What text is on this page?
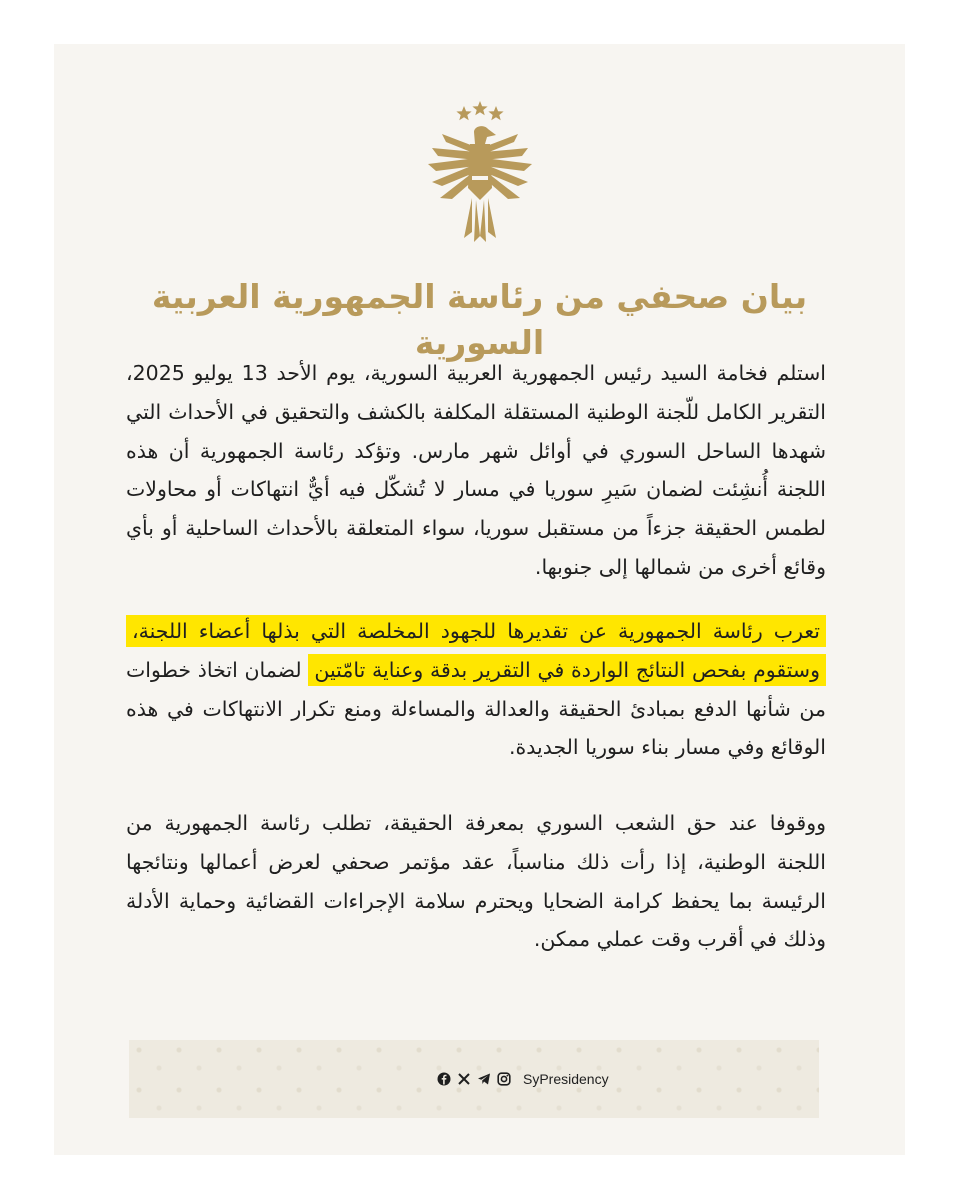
بيان صحفي من رئاسة الجمهورية العربية السورية

استلم فخامة السيد رئيس الجمهورية العربية السورية، يوم الأحد 13 يوليو 2025، التقرير الكامل للّجنة الوطنية المستقلة المكلفة بالكشف والتحقيق في الأحداث التي شهدها الساحل السوري في أوائل شهر مارس. وتؤكد رئاسة الجمهورية أن هذه اللجنة أُنشِئت لضمان سَيرِ سوريا في مسار لا تُشكّل فيه أيٌّ انتهاكات أو محاولات لطمس الحقيقة جزءاً من مستقبل سوريا، سواء المتعلقة بالأحداث الساحلية أو بأي وقائع أخرى من شمالها إلى جنوبها.

تعرب رئاسة الجمهورية عن تقديرها للجهود المخلصة التي بذلها أعضاء اللجنة، وستقوم بفحص النتائج الواردة في التقرير بدقة وعناية تامّتين لضمان اتخاذ خطوات من شأنها الدفع بمبادئ الحقيقة والعدالة والمساءلة ومنع تكرار الانتهاكات في هذه الوقائع وفي مسار بناء سوريا الجديدة.

ووقوفا عند حق الشعب السوري بمعرفة الحقيقة، تطلب رئاسة الجمهورية من اللجنة الوطنية، إذا رأت ذلك مناسباً، عقد مؤتمر صحفي لعرض أعمالها ونتائجها الرئيسة بما يحفظ كرامة الضحايا ويحترم سلامة الإجراءات القضائية وحماية الأدلة وذلك في أقرب وقت عملي ممكن.

SyPresidency
